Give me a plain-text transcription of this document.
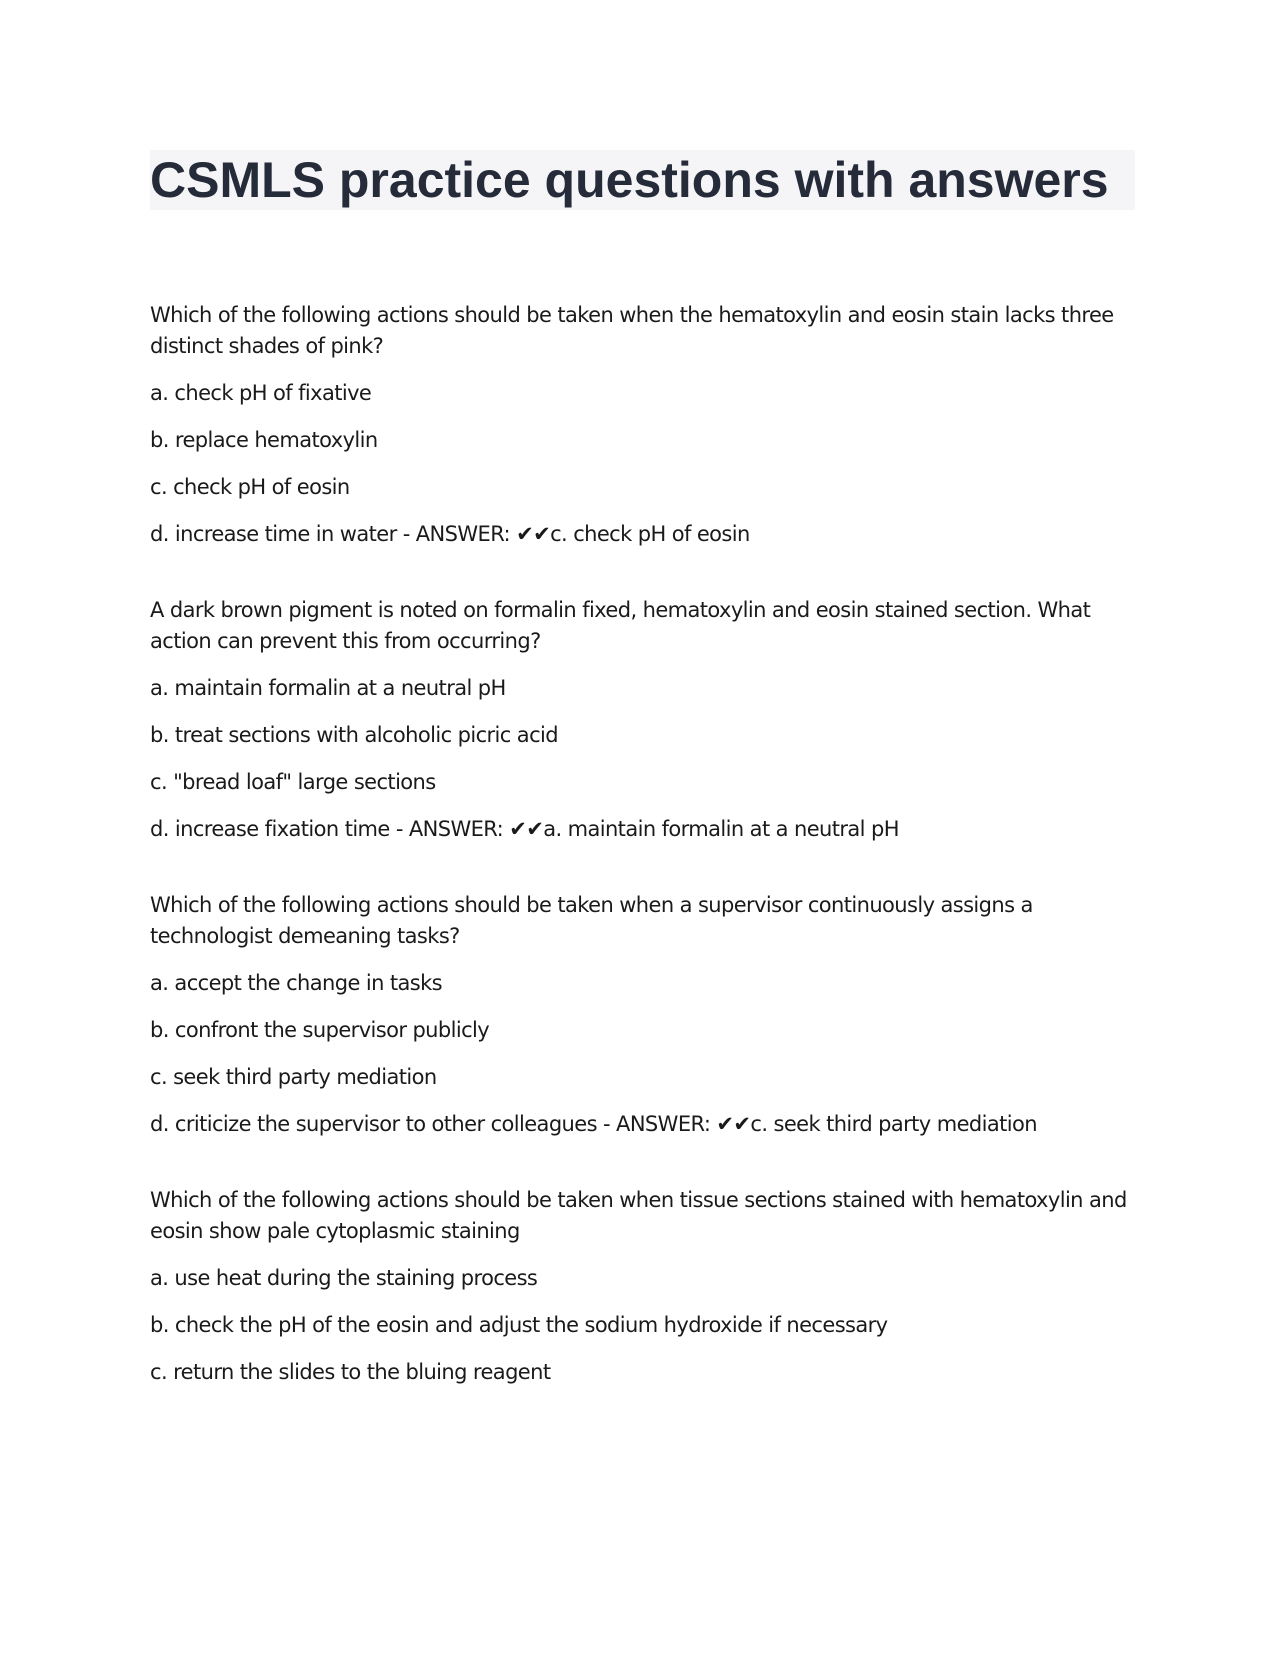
CSMLS practice questions with answers

Which of the following actions should be taken when the hematoxylin and eosin stain lacks three distinct shades of pink?

a. check pH of fixative

b. replace hematoxylin

c. check pH of eosin

d. increase time in water - ANSWER: ✔✔c. check pH of eosin

A dark brown pigment is noted on formalin fixed, hematoxylin and eosin stained section. What action can prevent this from occurring?

a. maintain formalin at a neutral pH

b. treat sections with alcoholic picric acid

c. "bread loaf" large sections

d. increase fixation time - ANSWER: ✔✔a. maintain formalin at a neutral pH

Which of the following actions should be taken when a supervisor continuously assigns a technologist demeaning tasks?

a. accept the change in tasks

b. confront the supervisor publicly

c. seek third party mediation

d. criticize the supervisor to other colleagues - ANSWER: ✔✔c. seek third party mediation

Which of the following actions should be taken when tissue sections stained with hematoxylin and eosin show pale cytoplasmic staining

a. use heat during the staining process

b. check the pH of the eosin and adjust the sodium hydroxide if necessary

c. return the slides to the bluing reagent
